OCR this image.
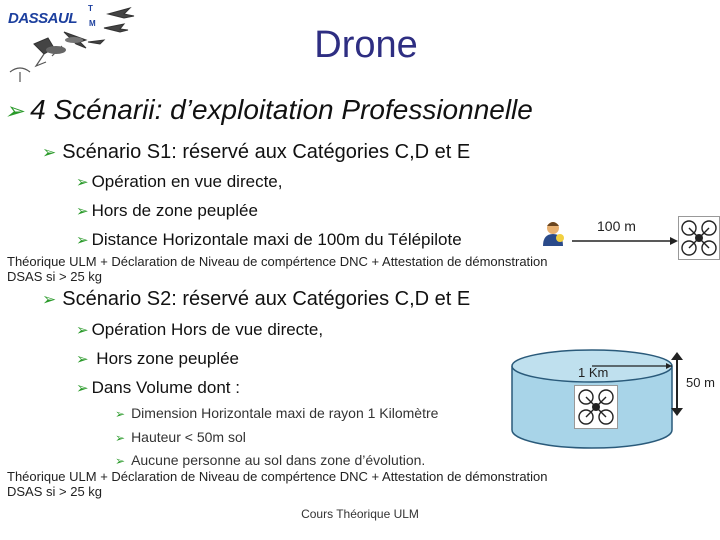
DASSAUL
T
M
Drone
➢ 4 Scénarii: d’exploitation Professionnelle
➢ Scénario S1: réservé aux Catégories C,D et E
➢ Opération en vue directe,
➢ Hors de zone peuplée
➢ Distance Horizontale maxi de 100m du Télépilote
100 m
Théorique ULM + Déclaration de Niveau de compértence DNC + Attestation de démonstration
DSAS si > 25 kg
➢ Scénario S2: réservé aux Catégories C,D et E
➢ Opération Hors de vue directe,
➢ Hors zone peuplée
➢ Dans Volume dont :
➢ Dimension Horizontale maxi de rayon 1 Kilomètre
➢ Hauteur < 50m sol
➢ Aucune personne au sol dans zone d’évolution.
1 Km
50 m
Théorique ULM + Déclaration de Niveau de compértence DNC + Attestation de démonstration
DSAS si > 25 kg
Cours Théorique ULM
